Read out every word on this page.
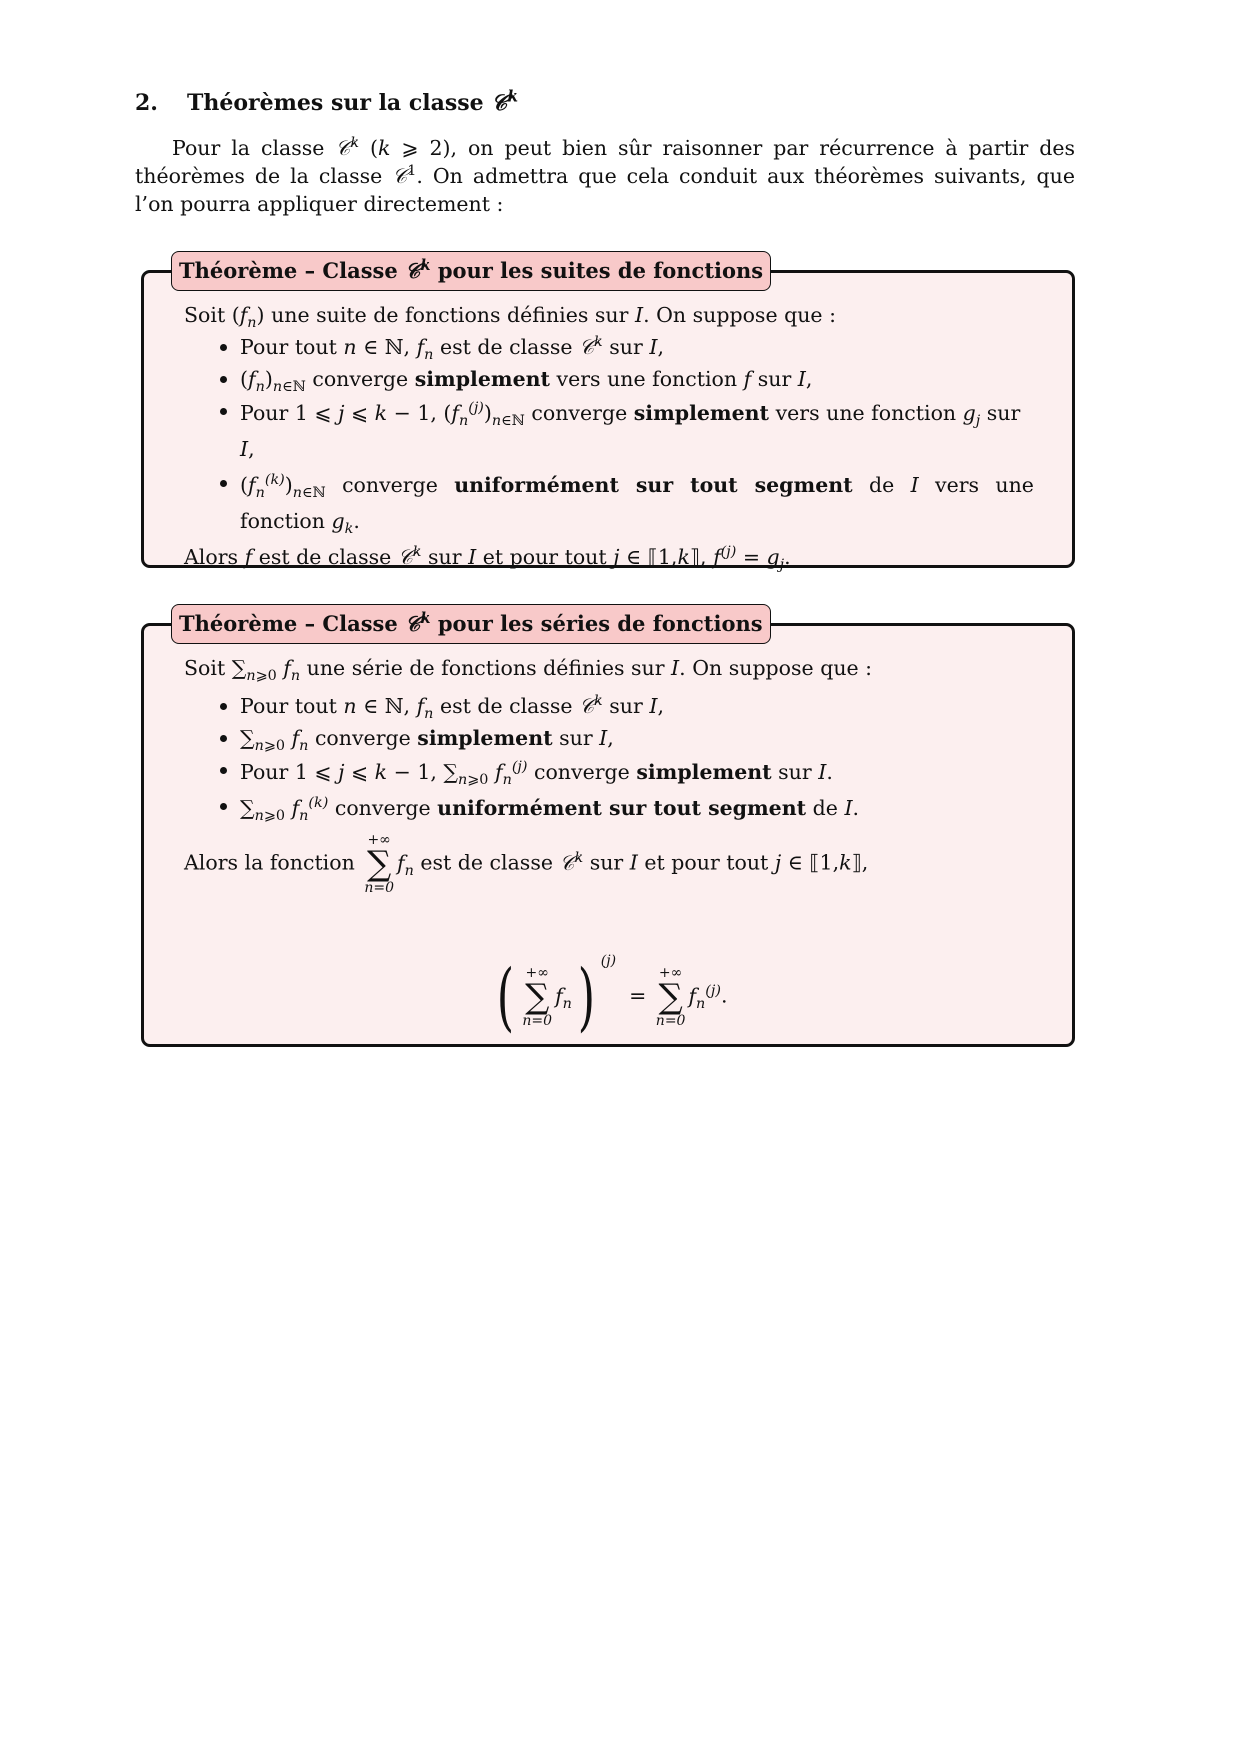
2. Théorèmes sur la classe 𝒞$^k$

Pour la classe 𝒞$^k$ (k ⩾ 2), on peut bien sûr raisonner par récurrence à partir des théorèmes de la classe 𝒞$^1$. On admettra que cela conduit aux théorèmes suivants, que l’on pourra appliquer directement :

Théorème – Classe 𝒞$^k$ pour les suites de fonctions
Soit $(f_n)$ une suite de fonctions définies sur I. On suppose que :
Pour tout n ∈ ℕ, $f_n$ est de classe 𝒞$^k$ sur I,
$(f_n)_{n\in ℕ}$ converge simplement vers une fonction f sur I,
Pour 1 ⩽ j ⩽ k − 1, $(f_n^{(j)})_{n\in ℕ}$ converge simplement vers une fonction $g_j$ sur I,
$(f_n^{(k)})_{n\in ℕ}$ converge uniformément sur tout segment de I vers une fonction $g_k$.
Alors f est de classe 𝒞$^k$ sur I et pour tout j ∈ ⟦1,k⟧, $f^{(j)} = g_j$.
Théorème – Classe 𝒞$^k$ pour les séries de fonctions
Soit $\sum_{n⩾0}$ $f_n$ une série de fonctions définies sur I. On suppose que :
Pour tout n ∈ ℕ, $f_n$ est de classe 𝒞$^k$ sur I,
$\sum_{n⩾0}$ $f_n$ converge simplement sur I,
Pour 1 ⩽ j ⩽ k − 1, $\sum_{n⩾0}$ $f_n^{(j)}$ converge simplement sur I.
$\sum_{n⩾0}$ $f_n^{(k)}$ converge uniformément sur tout segment de I.
Alors la fonction
+∞
∑
n=0
$f_n$ est de classe 𝒞$^k$ sur I et pour tout j ∈ ⟦1,k⟧,
( +∞
∑
n=0
$f_n$) $^{(j)}$  =
+∞
∑
n=0
$f_n^{(j)}$.
